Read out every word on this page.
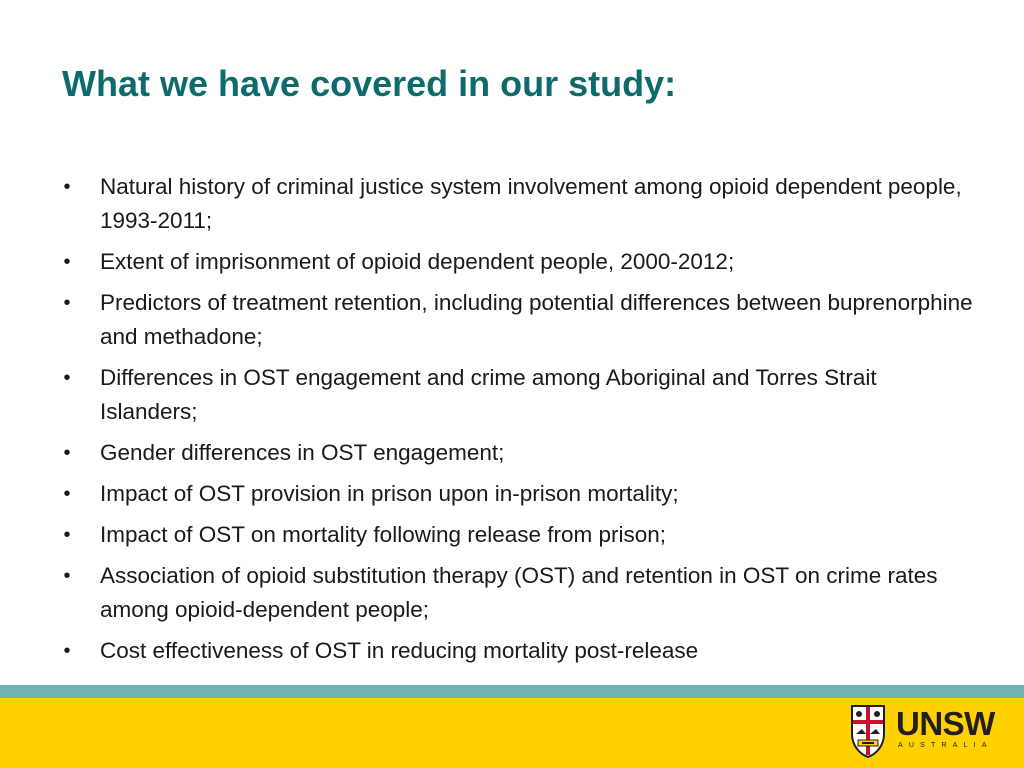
What we have covered in our study:
• Natural history of criminal justice system involvement among opioid dependent people, 1993-2011;
• Extent of imprisonment of opioid dependent people, 2000-2012;
• Predictors of treatment retention, including potential differences between buprenorphine and methadone;
• Differences in OST engagement and crime among Aboriginal and Torres Strait Islanders;
• Gender differences in OST engagement;
• Impact of OST provision in prison upon in-prison mortality;
• Impact of OST on mortality following release from prison;
• Association of opioid substitution therapy (OST) and retention in OST on crime rates among opioid-dependent people;
• Cost effectiveness of OST in reducing mortality post-release
UNSW
AUSTRALIA
